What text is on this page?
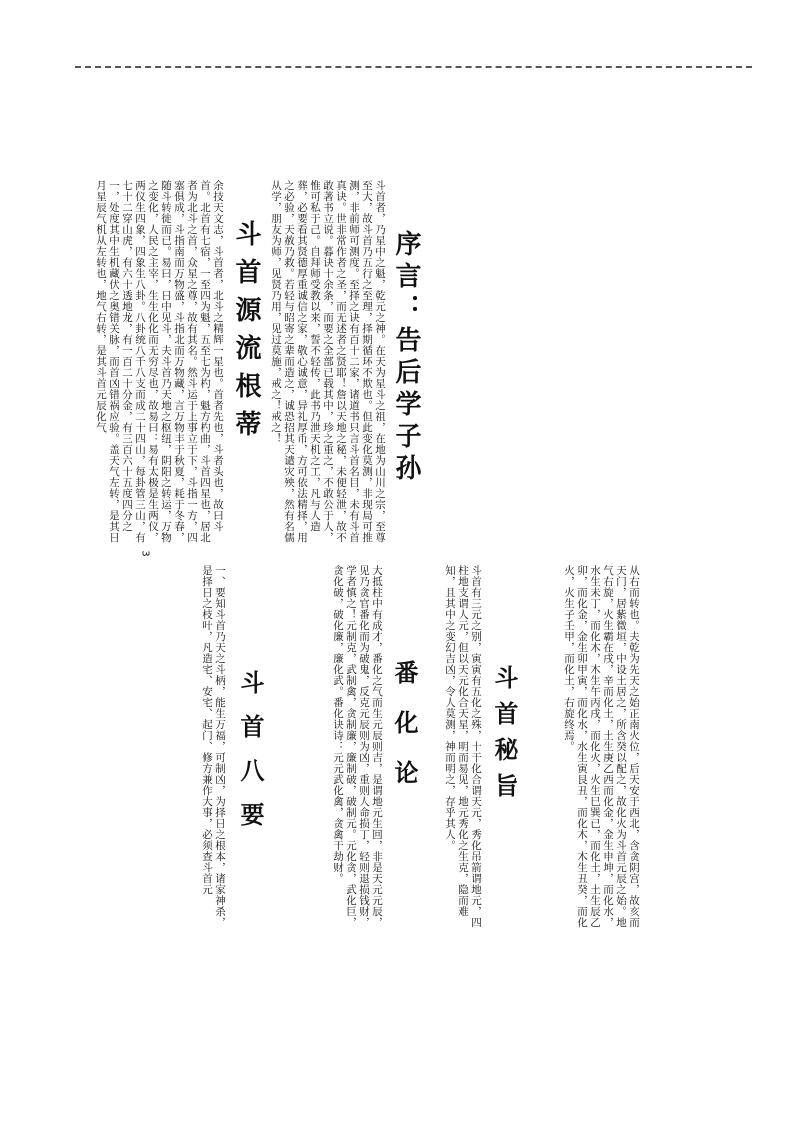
序言：告后学子孙
斗首者，乃星中之魁，乾元之神。在天为星斗之祖，在地为山川之宗，至尊至大，故斗首乃五行之至理，择期循环不欺也。但此变化莫测，非现局可推测，非前师可测度。至择之诀有百十二家，诸道书只言斗首名目，未有斗首真诀。世非常作者之圣，而无述者之贤耶！詹以天地之秘，未便轻泄，故不敢著书立说。暮诀十余条，而要之全部已载其中，珍之重之，不敢公于人，惟可私于己。自拜师受教以来，誓不轻传，此书乃泄天机之工，凡与人造葬，必要看其贤德厚重诚信之家，敬心诚意，异礼厚币，方可依法精择，用之必验，天赦乃救。若轻与昭寄之辈而造之，诚恐招其天谴灾殃，然有名儒从学，朋友为师，见贤乃用，见过莫施，戒之！戒之！
斗首源流根蒂
余技天文志，斗首者，北斗之精辉一星也。首者先也，斗者头也，故曰斗首。北首有七宿，一至四为魁，五至七为杓，魁方杓曲，斗首四星也，居北者为北斗之首，众星之尊，故有其名。然斗运于上事立于下，斗指一方，四塞俱成，斗指南而万物盛，斗指北而万物藏，言万物丰于秋夏，耗于冬春，随斗转徙而已。易曰，日中见斗，夫斗首乃天地之枢纽，阴阳之转运，万物之变化，人民之主宰，生生化化而无穷尽也，故易曰：易有太极是生两仪，两仪生四象，四象生八卦。八卦统八千八支而成二十四山，每卦管三山，有七十二穿山虎，有六十透地龙，有一百二十分金，有三百六十五度四分之一，处度其中生机藏伏之奥错关脉，而首凶错祸应验。盖天气左转，是其日月星辰气机从左转也，地气右转，是其斗首元辰化气
从右而转也。夫乾为先天之始正南火位，后天安于西北，含贪阴宫，故亥而天门，居紫微垣，中设土居之，所含癸以配之，故化火为斗首元辰之始。地气右旋，火生霸在戌，辛而化土，土生庚乙西而化金，金生申坤，而化水，水生未丁，而化木，木生午丙戌，而化火，火生巳巽已，而化土，土生辰乙卯，而化金，金生卯甲寅，而化水，水生寅艮丑，而化木，木生丑癸，而化火，火生子壬甲，而化土，右旋终焉。
斗首秘旨
斗首有三元之别，寅寅有五化之殊，十干化合谓天元，秀化吊箭谓地元，四柱地支谓人元，但以天元化合天星，明而易见，地元秀化之生克，隐而难知，且其中之变幻吉凶，令人莫测，神而明之，存乎其人。
番化论
大抵柱中有成才，番化之气而生元辰则吉，是谓地元生回，非是天元元辰，见乃贪官番化而为破鬼，反克元辰则为凶，重则人命损丁，轻则退损钱财，学者慎之！元制克，武制禽，贪制廉，廉制破，破制元。元化贪，武化巨，贪化破，破化廉，廉化武。番化诀诗：元元武化禽，贪禽干劫财。
斗首八要
一、要知斗首乃天之斗柄，能生万福，可制凶，为择日之根本，诸家神杀，是择日之枝叶，凡造宅、安宅、起门、修方兼作大事，必须查斗首元
3
